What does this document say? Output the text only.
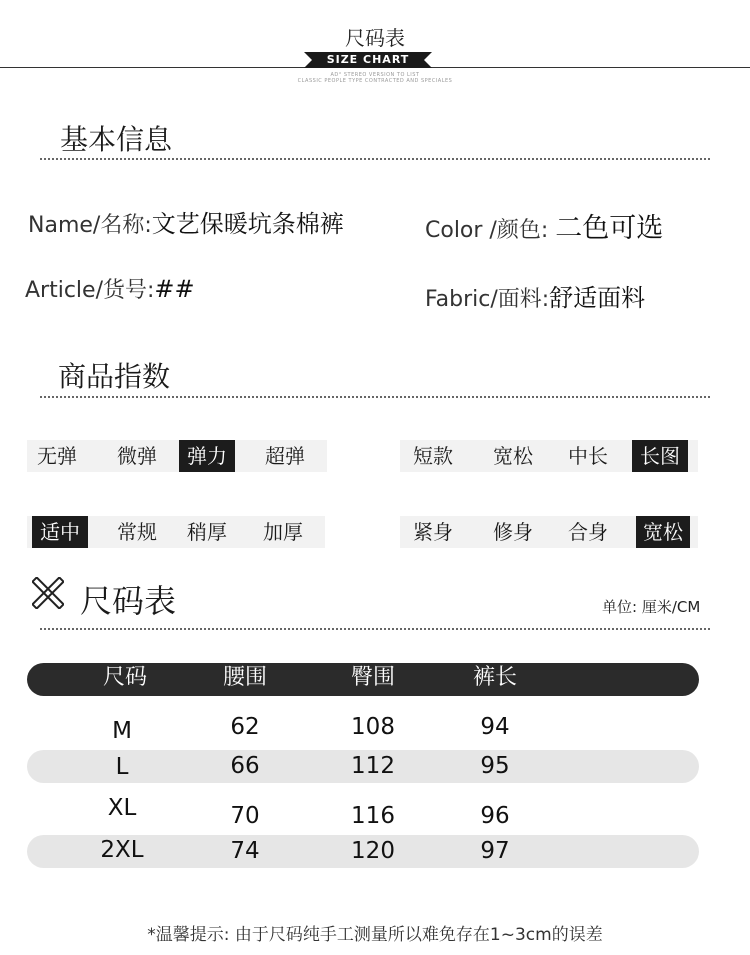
尺码表
SIZE CHART
AD° STEREO VERSION TO LIST
CLASSIC PEOPLE TYPE CONTRACTED AND SPECIALES
基本信息
Name/名称:文艺保暖坑条棉裤	Color /颜色: 二色可选
Article/货号:##	Fabric/面料:舒适面料
商品指数
无弹	微弹	弹力	超弹	短款	宽松	中长	长图
适中	常规	稍厚	加厚	紧身	修身	合身	宽松
尺码表	单位: 厘米/CM
尺码	腰围	臀围	裤长
M	62	108	94
L	66	112	95
XL	70	116	96
2XL	74	120	97
*温馨提示: 由于尺码纯手工测量所以难免存在1~3cm的误差
